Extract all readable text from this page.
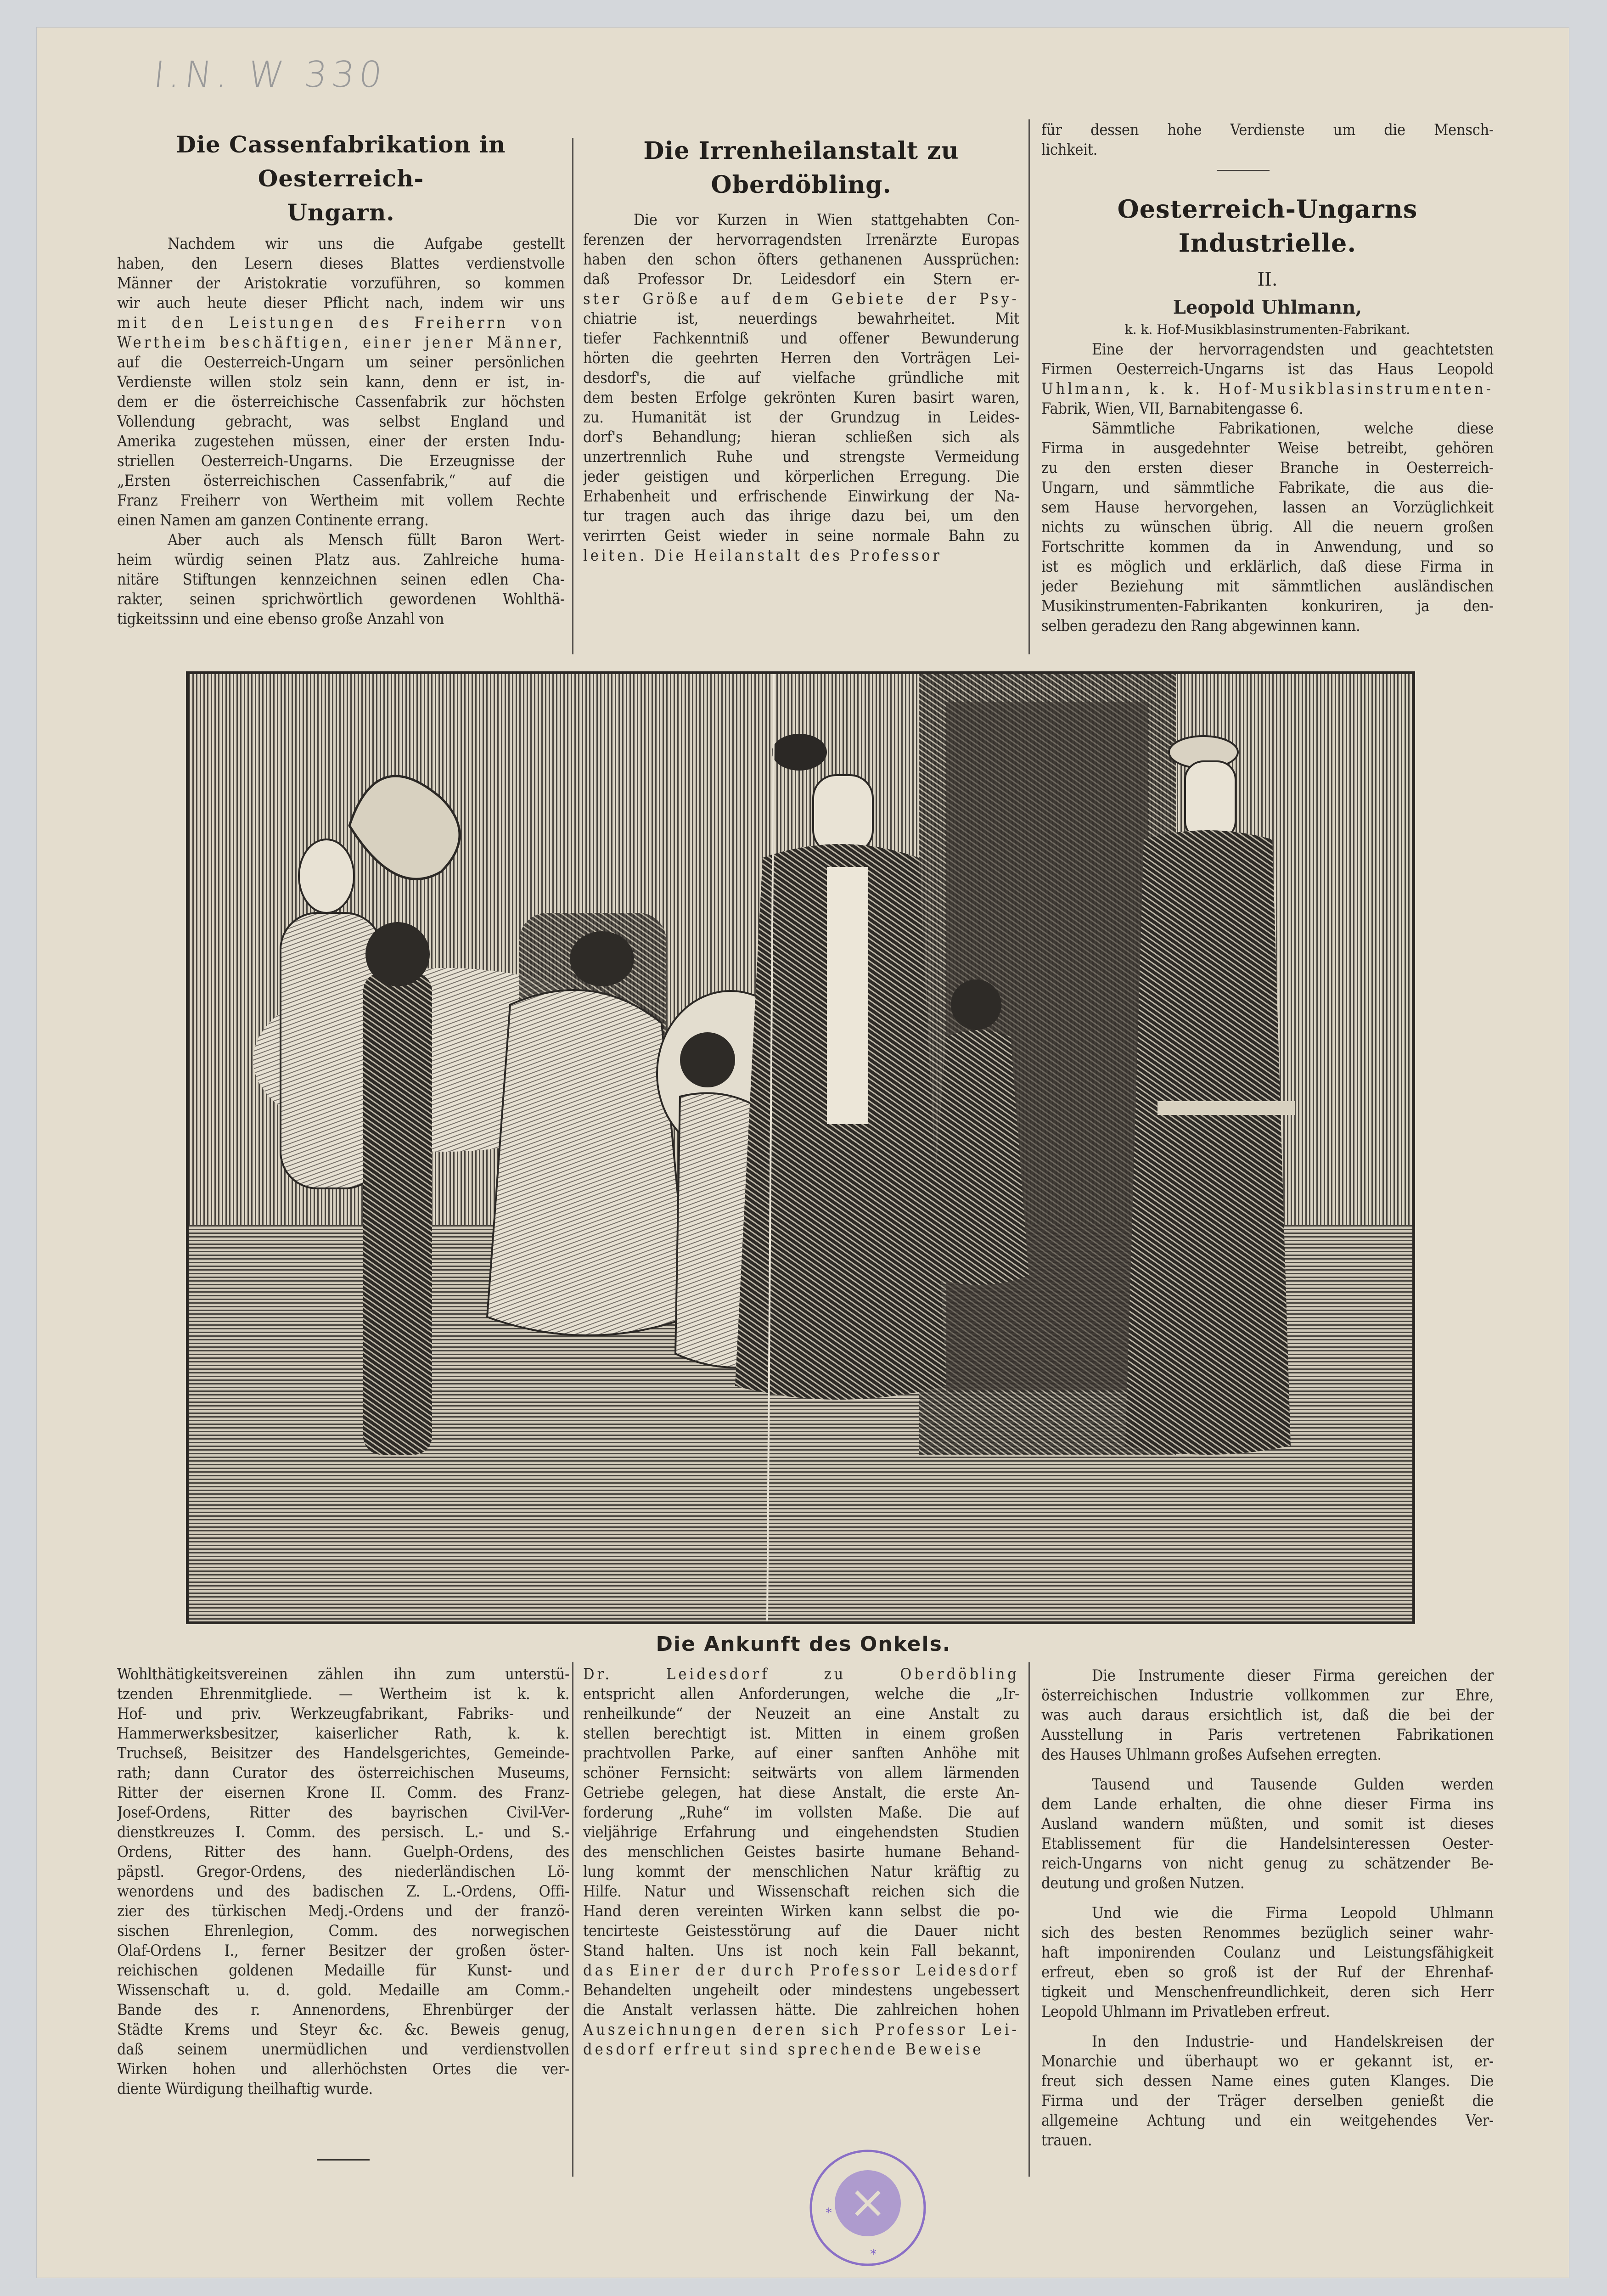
I.N. W 330
Die Cassenfabrikation in Oesterreich-
Ungarn.
Nachdem wir uns die Aufgabe gestellt
haben, den Lesern dieses Blattes verdienstvolle
Männer der Aristokratie vorzuführen, so kommen
wir auch heute dieser Pflicht nach, indem wir uns
mit den Leistungen des Freiherrn von
Wertheim beschäftigen, einer jener Männer,
auf die Oesterreich-Ungarn um seiner persönlichen
Verdienste willen stolz sein kann, denn er ist, in-
dem er die österreichische Cassenfabrik zur höchsten
Vollendung gebracht, was selbst England und
Amerika zugestehen müssen, einer der ersten Indu-
striellen Oesterreich-Ungarns. Die Erzeugnisse der
„Ersten österreichischen Cassenfabrik,“ auf die
Franz Freiherr von Wertheim mit vollem Rechte
einen Namen am ganzen Continente errang.
Aber auch als Mensch füllt Baron Wert-
heim würdig seinen Platz aus. Zahlreiche huma-
nitäre Stiftungen kennzeichnen seinen edlen Cha-
rakter, seinen sprichwörtlich gewordenen Wohlthä-
tigkeitssinn und eine ebenso große Anzahl von
Die Irrenheilanstalt zu Oberdöbling.
Die vor Kurzen in Wien stattgehabten Con-
ferenzen der hervorragendsten Irrenärzte Europas
haben den schon öfters gethanenen Aussprüchen:
daß Professor Dr. Leidesdorf ein Stern er-
ster Größe auf dem Gebiete der Psy-
chiatrie ist, neuerdings bewahrheitet. Mit
tiefer Fachkenntniß und offener Bewunderung
hörten die geehrten Herren den Vorträgen Lei-
desdorf's, die auf vielfache gründliche mit
dem besten Erfolge gekrönten Kuren basirt waren,
zu. Humanität ist der Grundzug in Leides-
dorf's Behandlung; hieran schließen sich als
unzertrennlich Ruhe und strengste Vermeidung
jeder geistigen und körperlichen Erregung. Die
Erhabenheit und erfrischende Einwirkung der Na-
tur tragen auch das ihrige dazu bei, um den
verirrten Geist wieder in seine normale Bahn zu
leiten. Die Heilanstalt des Professor
für dessen hohe Verdienste um die Mensch-
lichkeit.
Oesterreich-Ungarns Industrielle.
II.
Leopold Uhlmann,
k. k. Hof-Musikblasinstrumenten-Fabrikant.
Eine der hervorragendsten und geachtetsten
Firmen Oesterreich-Ungarns ist das Haus Leopold
Uhlmann, k. k. Hof-Musikblasinstrumenten-
Fabrik, Wien, VII, Barnabitengasse 6.
Sämmtliche Fabrikationen, welche diese
Firma in ausgedehnter Weise betreibt, gehören
zu den ersten dieser Branche in Oesterreich-
Ungarn, und sämmtliche Fabrikate, die aus die-
sem Hause hervorgehen, lassen an Vorzüglichkeit
nichts zu wünschen übrig. All die neuern großen
Fortschritte kommen da in Anwendung, und so
ist es möglich und erklärlich, daß diese Firma in
jeder Beziehung mit sämmtlichen ausländischen
Musikinstrumenten-Fabrikanten konkuriren, ja den-
selben geradezu den Rang abgewinnen kann.
Die Ankunft des Onkels.
Wohlthätigkeitsvereinen zählen ihn zum unterstü-
tzenden Ehrenmitgliede. — Wertheim ist k. k.
Hof- und priv. Werkzeugfabrikant, Fabriks- und
Hammerwerksbesitzer, kaiserlicher Rath, k. k.
Truchseß, Beisitzer des Handelsgerichtes, Gemeinde-
rath; dann Curator des österreichischen Museums,
Ritter der eisernen Krone II. Comm. des Franz-
Josef-Ordens, Ritter des bayrischen Civil-Ver-
dienstkreuzes I. Comm. des persisch. L.- und S.-
Ordens, Ritter des hann. Guelph-Ordens, des
päpstl. Gregor-Ordens, des niederländischen Lö-
wenordens und des badischen Z. L.-Ordens, Offi-
zier des türkischen Medj.-Ordens und der franzö-
sischen Ehrenlegion, Comm. des norwegischen
Olaf-Ordens I., ferner Besitzer der großen öster-
reichischen goldenen Medaille für Kunst- und
Wissenschaft u. d. gold. Medaille am Comm.-
Bande des r. Annenordens, Ehrenbürger der
Städte Krems und Steyr &c. &c. Beweis genug,
daß seinem unermüdlichen und verdienstvollen
Wirken hohen und allerhöchsten Ortes die ver-
diente Würdigung theilhaftig wurde.
Dr. Leidesdorf zu Oberdöbling
entspricht allen Anforderungen, welche die „Ir-
renheilkunde“ der Neuzeit an eine Anstalt zu
stellen berechtigt ist. Mitten in einem großen
prachtvollen Parke, auf einer sanften Anhöhe mit
schöner Fernsicht: seitwärts von allem lärmenden
Getriebe gelegen, hat diese Anstalt, die erste An-
forderung „Ruhe“ im vollsten Maße. Die auf
vieljährige Erfahrung und eingehendsten Studien
des menschlichen Geistes basirte humane Behand-
lung kommt der menschlichen Natur kräftig zu
Hilfe. Natur und Wissenschaft reichen sich die
Hand deren vereinten Wirken kann selbst die po-
tencirteste Geistesstörung auf die Dauer nicht
Stand halten. Uns ist noch kein Fall bekannt,
das Einer der durch Professor Leidesdorf
Behandelten ungeheilt oder mindestens ungebessert
die Anstalt verlassen hätte. Die zahlreichen hohen
Auszeichnungen deren sich Professor Lei-
desdorf erfreut sind sprechende Beweise
Die Instrumente dieser Firma gereichen der
österreichischen Industrie vollkommen zur Ehre,
was auch daraus ersichtlich ist, daß die bei der
Ausstellung in Paris vertretenen Fabrikationen
des Hauses Uhlmann großes Aufsehen erregten.
Tausend und Tausende Gulden werden
dem Lande erhalten, die ohne dieser Firma ins
Ausland wandern müßten, und somit ist dieses
Etablissement für die Handelsinteressen Oester-
reich-Ungarns von nicht genug zu schätzender Be-
deutung und großen Nutzen.
Und wie die Firma Leopold Uhlmann
sich des besten Renommes bezüglich seiner wahr-
haft imponirenden Coulanz und Leistungsfähigkeit
erfreut, eben so groß ist der Ruf der Ehrenhaf-
tigkeit und Menschenfreundlichkeit, deren sich Herr
Leopold Uhlmann im Privatleben erfreut.
In den Industrie- und Handelskreisen der
Monarchie und überhaupt wo er gekannt ist, er-
freut sich dessen Name eines guten Klanges. Die
Firma und der Träger derselben genießt die
allgemeine Achtung und ein weitgehendes Ver-
trauen.
*
*
